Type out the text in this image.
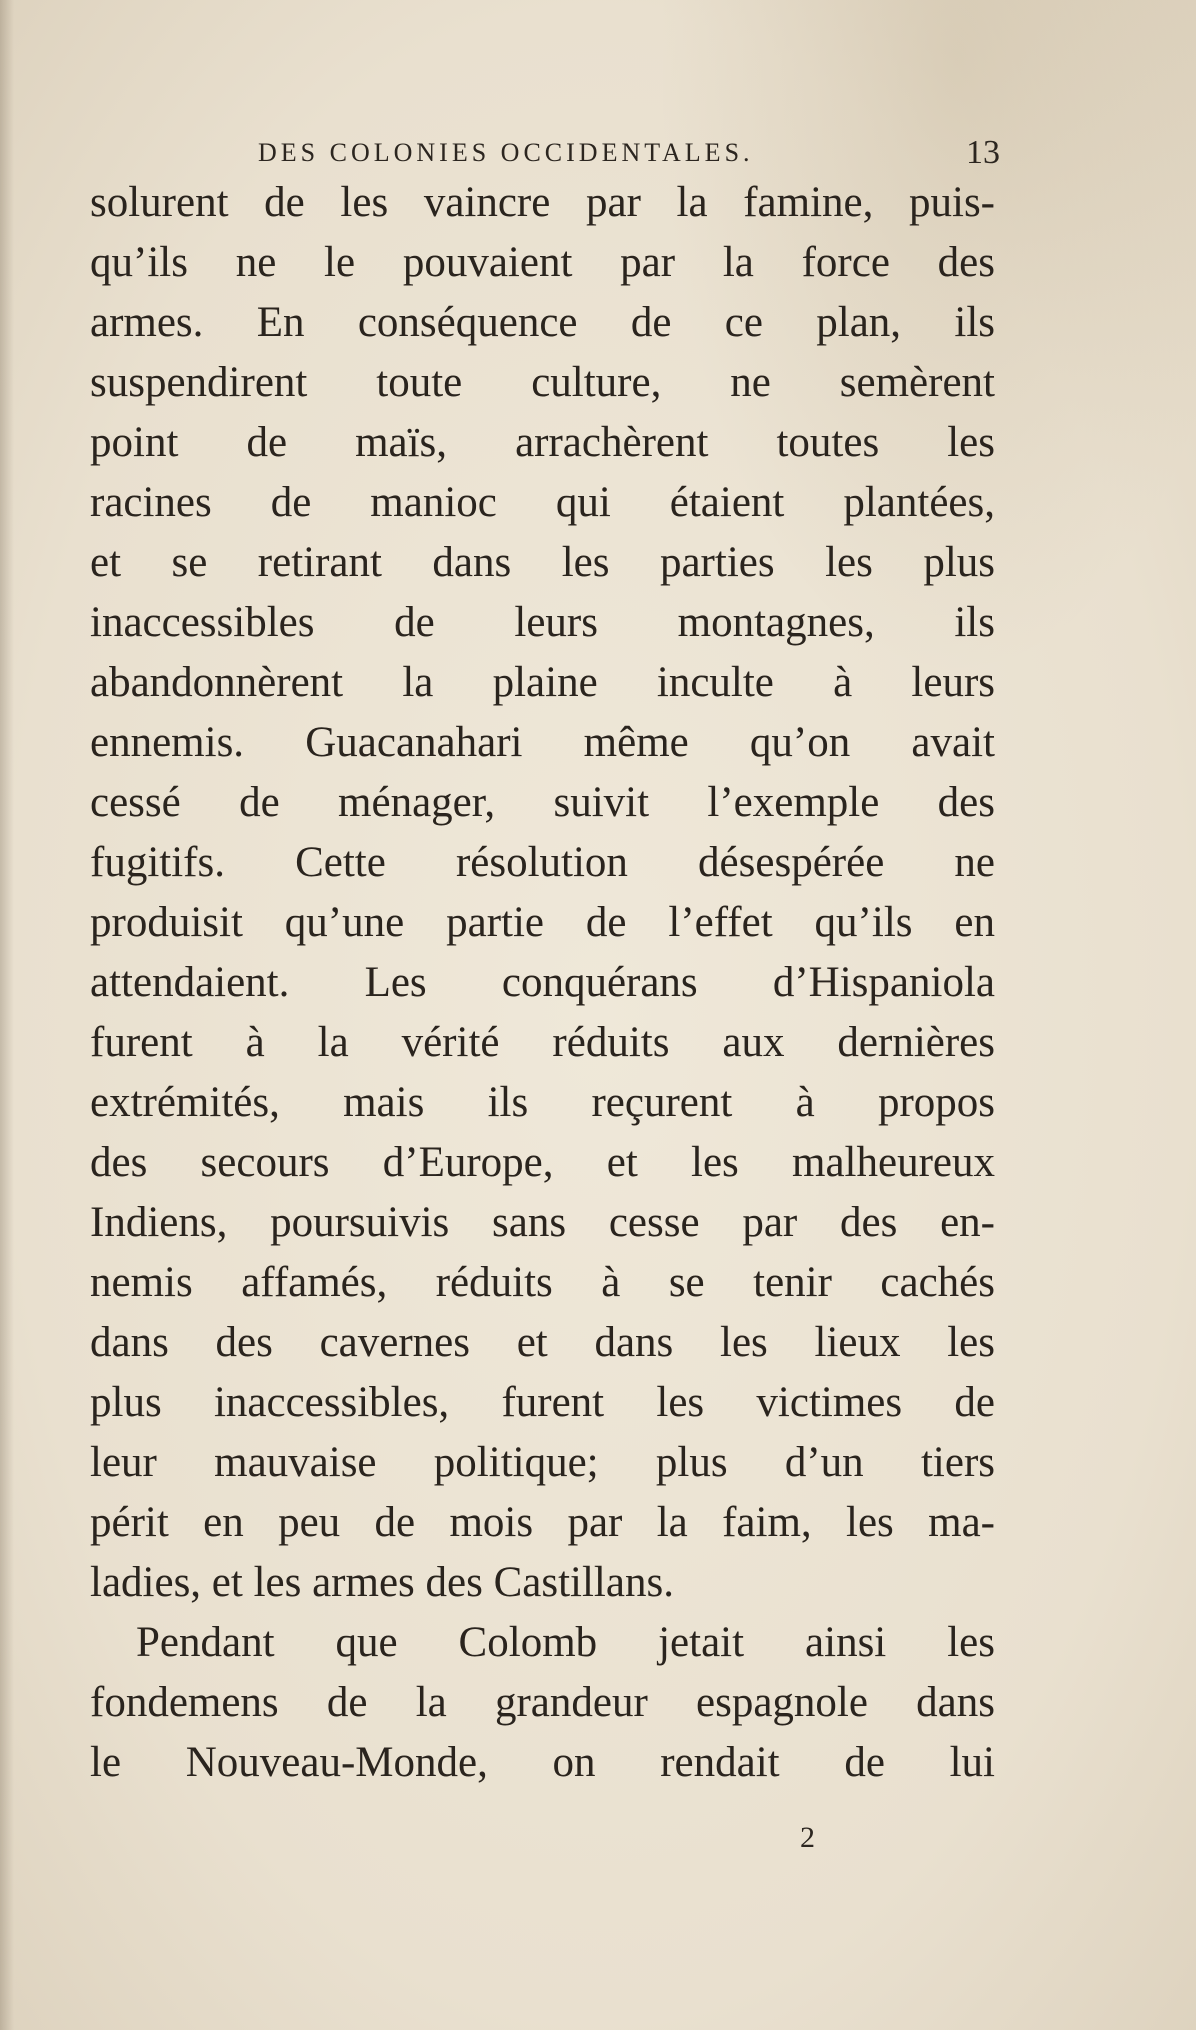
DES COLONIES OCCIDENTALES.	13
solurent de les vaincre par la famine, puis-
qu’ils ne le pouvaient par la force des
armes. En conséquence de ce plan, ils
suspendirent toute culture, ne semèrent
point de maïs, arrachèrent toutes les
racines de manioc qui étaient plantées,
et se retirant dans les parties les plus
inaccessibles de leurs montagnes, ils
abandonnèrent la plaine inculte à leurs
ennemis. Guacanahari même qu’on avait
cessé de ménager, suivit l’exemple des
fugitifs. Cette résolution désespérée ne
produisit qu’une partie de l’effet qu’ils en
attendaient. Les conquérans d’Hispaniola
furent à la vérité réduits aux dernières
extrémités, mais ils reçurent à propos
des secours d’Europe, et les malheureux
Indiens, poursuivis sans cesse par des en-
nemis affamés, réduits à se tenir cachés
dans des cavernes et dans les lieux les
plus inaccessibles, furent les victimes de
leur mauvaise politique; plus d’un tiers
périt en peu de mois par la faim, les ma-
ladies, et les armes des Castillans.
Pendant que Colomb jetait ainsi les
fondemens de la grandeur espagnole dans
le Nouveau-Monde, on rendait de lui
2
